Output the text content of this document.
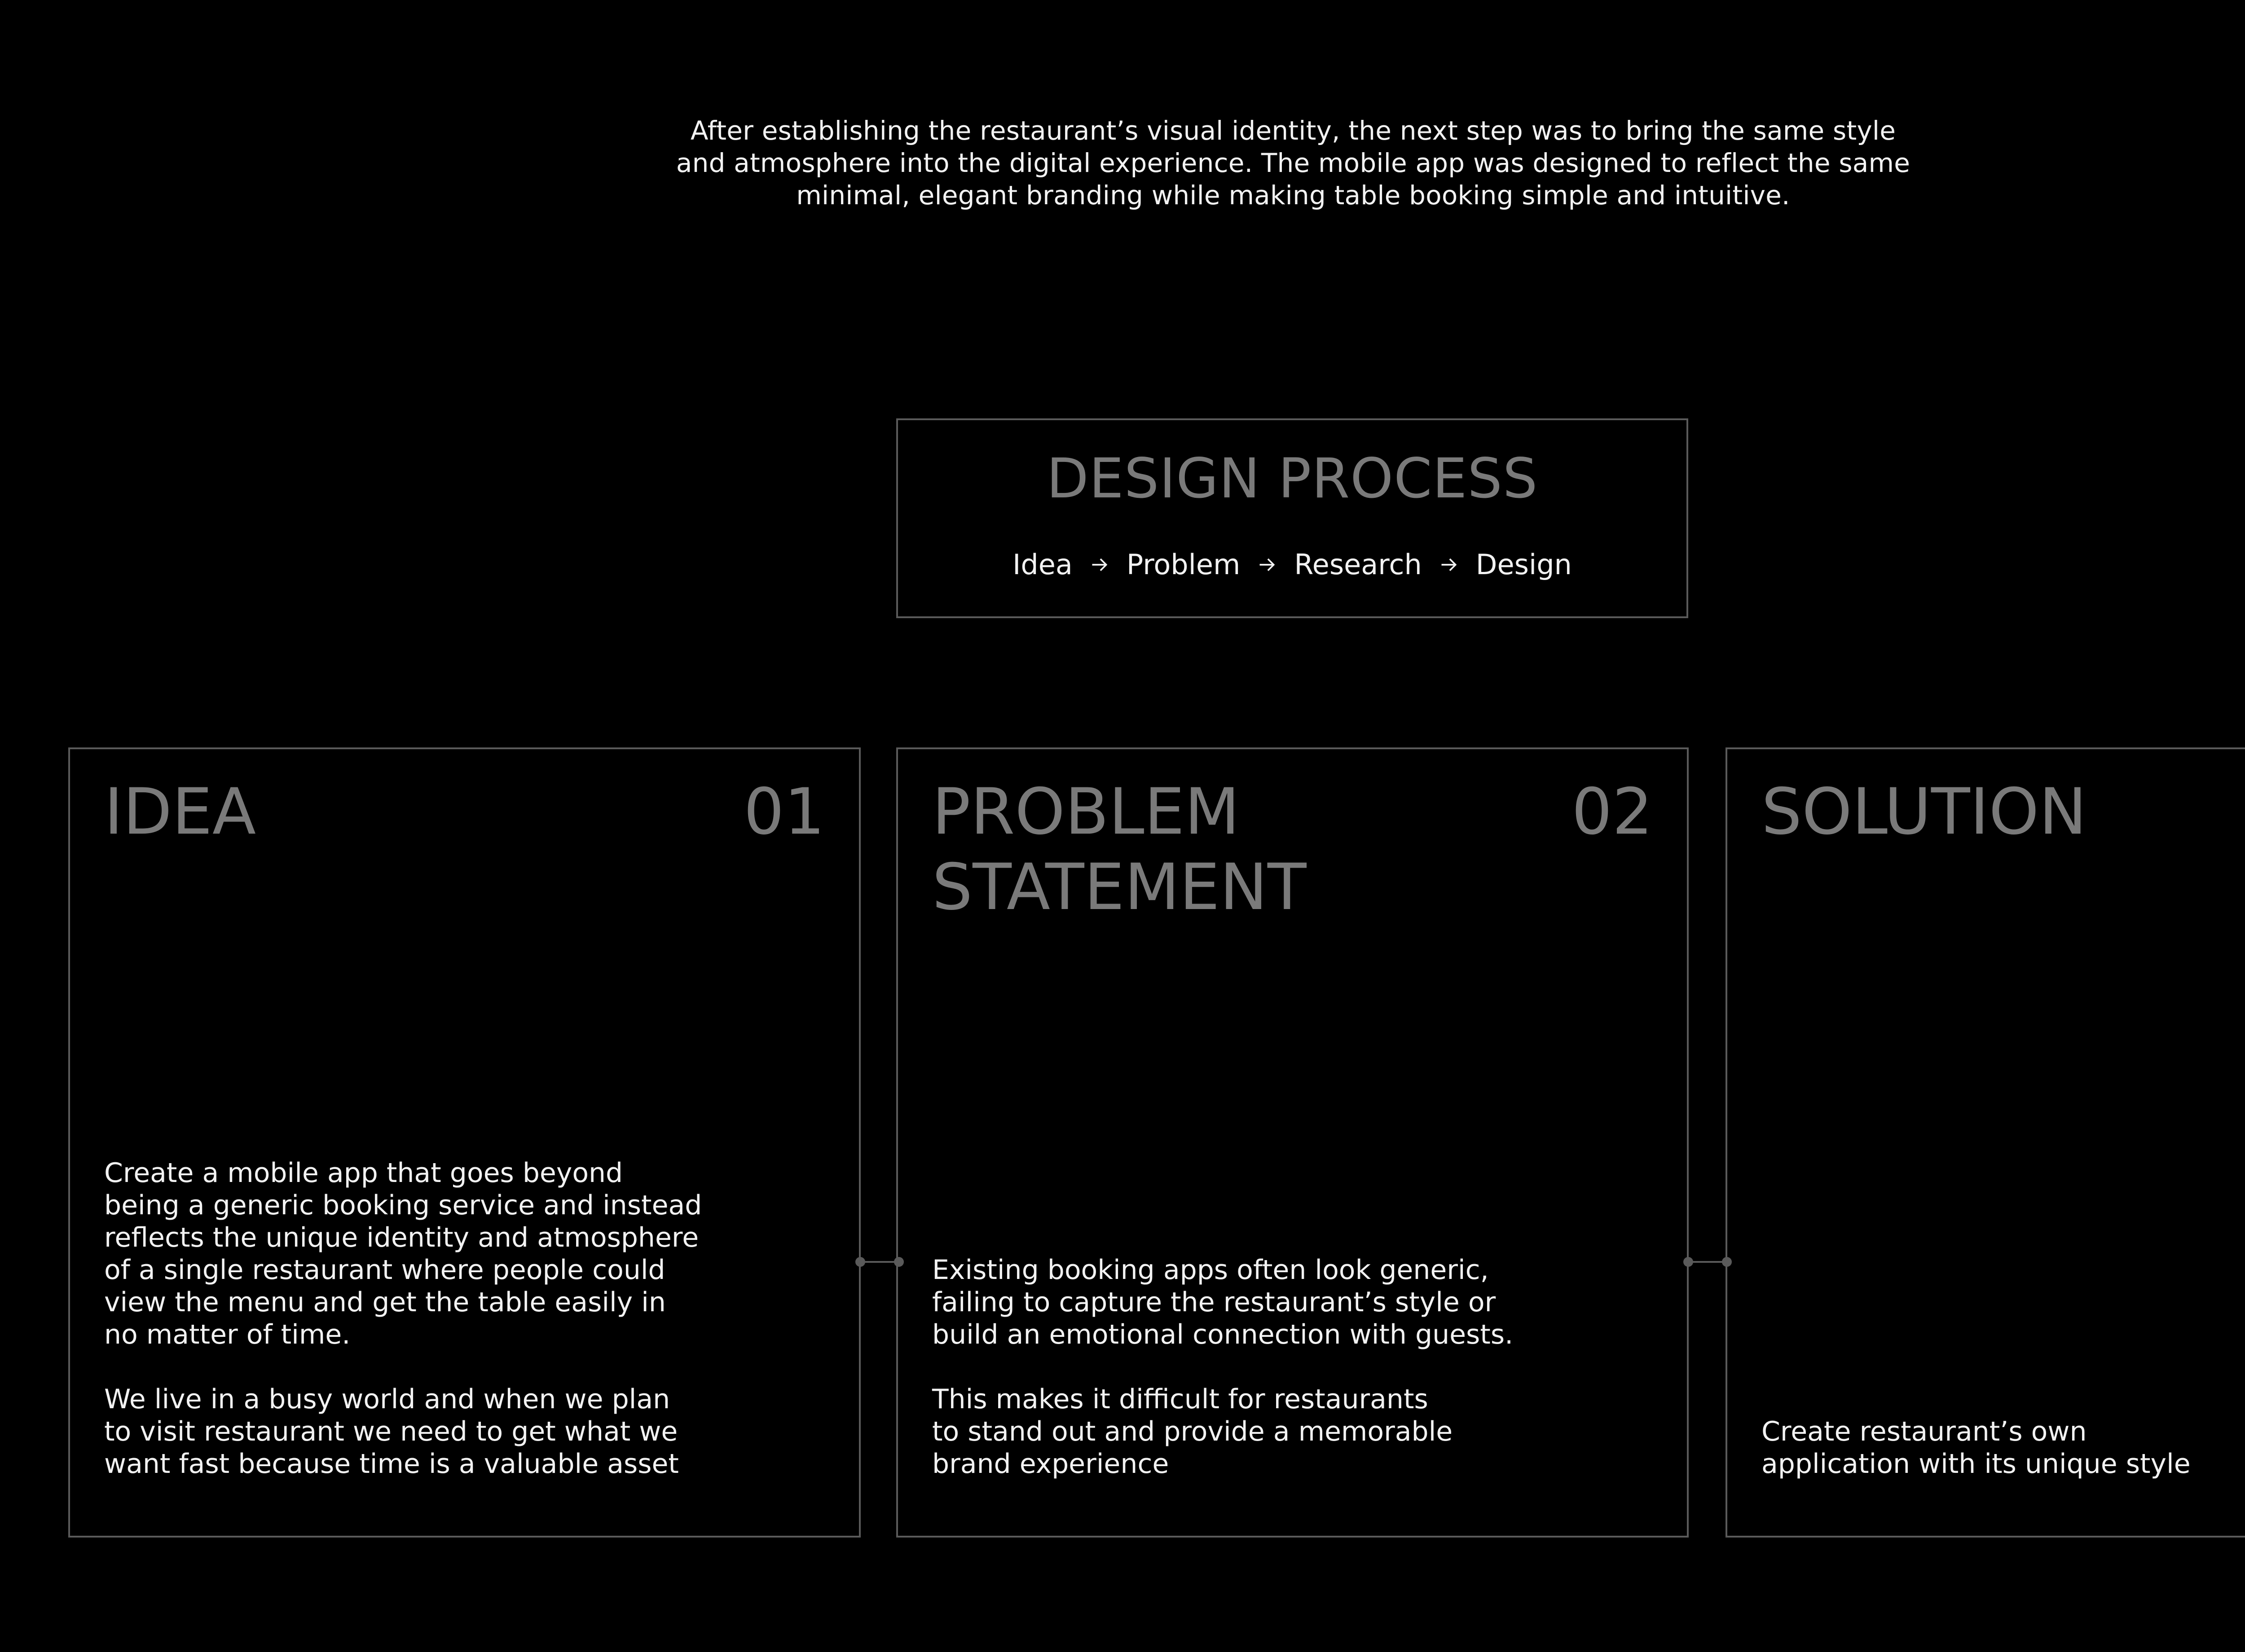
After establishing the restaurant’s visual identity, the next step was to bring the same style
and atmosphere into the digital experience. The mobile app was designed to reflect the same
minimal, elegant branding while making table booking simple and intuitive.
DESIGN PROCESS
Idea Problem Research Design
IDEA	01

Create a mobile app that goes beyond
being a generic booking service and instead
reflects the unique identity and atmosphere
of a single restaurant where people could
view the menu and get the table easily in
no matter of time.

We live in a busy world and when we plan
to visit restaurant we need to get what we
want fast because time is a valuable asset

PROBLEM
STATEMENT
02

Existing booking apps often look generic,
failing to capture the restaurant’s style or
build an emotional connection with guests.

This makes it difficult for restaurants
to stand out and provide a memorable
brand experience

SOLUTION

Create restaurant’s own
application with its unique style
